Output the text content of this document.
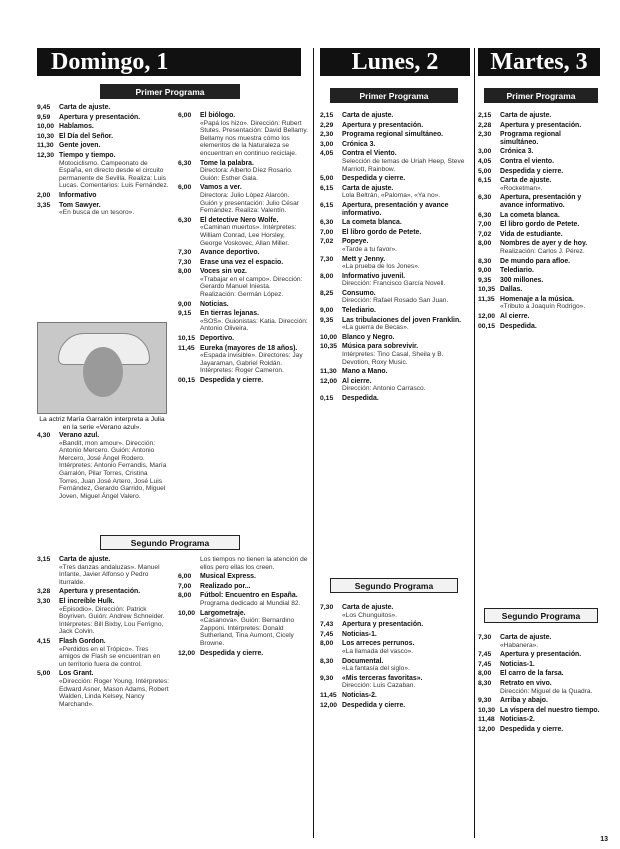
Domingo, 1	Lunes, 2	Martes, 3
Primer Programa	Primer Programa	Primer Programa
Segundo Programa
Segundo Programa
Segundo Programa
La actriz María Garralón interpreta a Julia en la serie «Verano azul».
9,45	Carta de ajuste.
9,59	Apertura y presentación.
10,00 Hablamos.
10,30 El Día del Señor.
11,30 Gente joven.
12,30 Tiempo y tiempo.
Motociclismo. Campeonato de España, en directo desde el circuito permanente de Sevilla. Realiza: Luis Lucas. Comentarios: Luis Fernández.
2,00	Informativo
3,35	Tom Sawyer.
«En busca de un tesoro».
6,00	El biólogo.
«Papá los hizo». Dirección: Rubert Stutes. Presentación: David Bellamy. Bellamy nos muestra cómo los elementos de la Naturaleza se encuentran en continuo reciclaje.
6,30	Tome la palabra.
Directora: Alberto Díez Rosario. Guión: Esther Gala.
6,00	Vamos a ver.
Directora: Julio López Alarcón. Guión y presentación: Julio César Fernández. Realiza: Valentín.
6,30	El detective Nero Wolfe.
«Caminan muertos». Intérpretes: William Conrad, Lee Horsley, George Voskovec, Allan Miller.
7,30	Avance deportivo.
7,30	Erase una vez el espacio.
8,00	Voces sin voz.
«Trabajar en el campo». Dirección: Gerardo Manuel Iniesta. Realización: Germán López.
9,00	Noticias.
9,15	En tierras lejanas.
«SOS». Guionistas: Katia. Dirección: Antonio Oliveira.
10,15 Deportivo.
11,45 Eureka (mayores de 18 años).
«Espada invisible». Directores: Jay Jayaraman, Gabriel Roldán. Intérpretes: Roger Cameron.
00,15 Despedida y cierre.
4,30	Verano azul.
«Bandit, mon amour». Dirección: Antonio Mercero. Guión: Antonio Mercero, José Ángel Rodero. Intérpretes: Antonio Ferrandis, María Garralón, Pilar Torres, Cristina Torres, Juan José Artero, José Luis Fernández, Gerardo Garrido, Miguel Joven, Miguel Ángel Valero.
3,15	Carta de ajuste.
«Tres danzas andaluzas». Manuel Infante, Javier Alfonso y Pedro Iturralde.
3,28	Apertura y presentación.
3,30	El increíble Hulk.
«Episodio». Dirección: Patrick Boyriven. Guión: Andrew Schneider. Intérpretes: Bill Bixby, Lou Ferrigno, Jack Colvin.
4,15	Flash Gordon.
«Perdidos en el Trópico». Tres amigos de Flash se encuentran en un territorio fuera de control.
5,00	Los Grant.
«Dirección: Roger Young. Intérpretes: Edward Asner, Mason Adams, Robert Walden, Linda Kelsey, Nancy Marchand».
Los tiempos no tienen la atención de ellos pero ellas los creen.
6,00	Musical Express.
7,00	Realizado por...
8,00	Fútbol: Encuentro en España.
Programa dedicado al Mundial 82.
10,00 Largometraje.
«Casanova». Guión: Bernardino Zapponi. Intérpretes: Donald Sutherland, Tina Aumont, Cicely Browne.
12,00 Despedida y cierre.
2,15	Carta de ajuste.
2,29	Apertura y presentación.
2,30	Programa regional simultáneo.
3,00	Crónica 3.
4,05	Contra el Viento.
Selección de temas de Uriah Heep, Steve Marriott, Rainbow.
5,00	Despedida y cierre.
6,15	Carta de ajuste.
Lola Beltrán, «Paloma», «Ya no».
6,15	Apertura, presentación y avance informativo.
6,30	La cometa blanca.
7,00	El libro gordo de Petete.
7,02	Popeye.
«Tarde a tu favor».
7,30	Mett y Jenny.
«La prueba de los Jones».
8,00	Informativo juvenil.
Dirección: Francisco García Novell.
8,25	Consumo.
Dirección: Rafael Rosado San Juan.
9,00	Telediario.
9,35	Las tribulaciones del joven Franklin.
«La guerra de Becas».
10,00 Blanco y Negro.
10,35 Música para sobrevivir.
Intérpretes: Tino Casal, Sheila y B. Devotion, Roxy Music.
11,30 Mano a Mano.
12,00 Al cierre.
Dirección: Antonio Carrasco.
0,15	Despedida.
7,30	Carta de ajuste.
«Los Chunguitos».
7,43	Apertura y presentación.
7,45	Noticias-1.
8,00	Los arreces perrunos.
«La llamada del vasco».
8,30	Documental.
«La fantasía del siglo».
9,30	«Mis terceras favoritas».
Dirección: Luis Cazaban.
11,45 Noticias-2.
12,00 Despedida y cierre.
2,15	Carta de ajuste.
2,28	Apertura y presentación.
2,30	Programa regional simultáneo.
3,00	Crónica 3.
4,05	Contra el viento.
5,00	Despedida y cierre.
6,15	Carta de ajuste.
«Rocketman».
6,30	Apertura, presentación y avance informativo.
6,30	La cometa blanca.
7,00	El libro gordo de Petete.
7,02	Vida de estudiante.
8,00	Nombres de ayer y de hoy.
Realización: Carlos J. Pérez.
8,30	De mundo para afloe.
9,00	Telediario.
9,35	300 millones.
10,35 Dallas.
11,35 Homenaje a la música.
«Tributo a Joaquín Rodrigo».
12,00 Al cierre.
00,15 Despedida.
7,30	Carta de ajuste.
«Habanera».
7,45	Apertura y presentación.
7,45	Noticias-1.
8,00	El carro de la farsa.
8,30	Retrato en vivo.
Dirección: Miguel de la Quadra.
9,30	Arriba y abajo.
10,30 La víspera del nuestro tiempo.
11,48 Noticias-2.
12,00 Despedida y cierre.
13
